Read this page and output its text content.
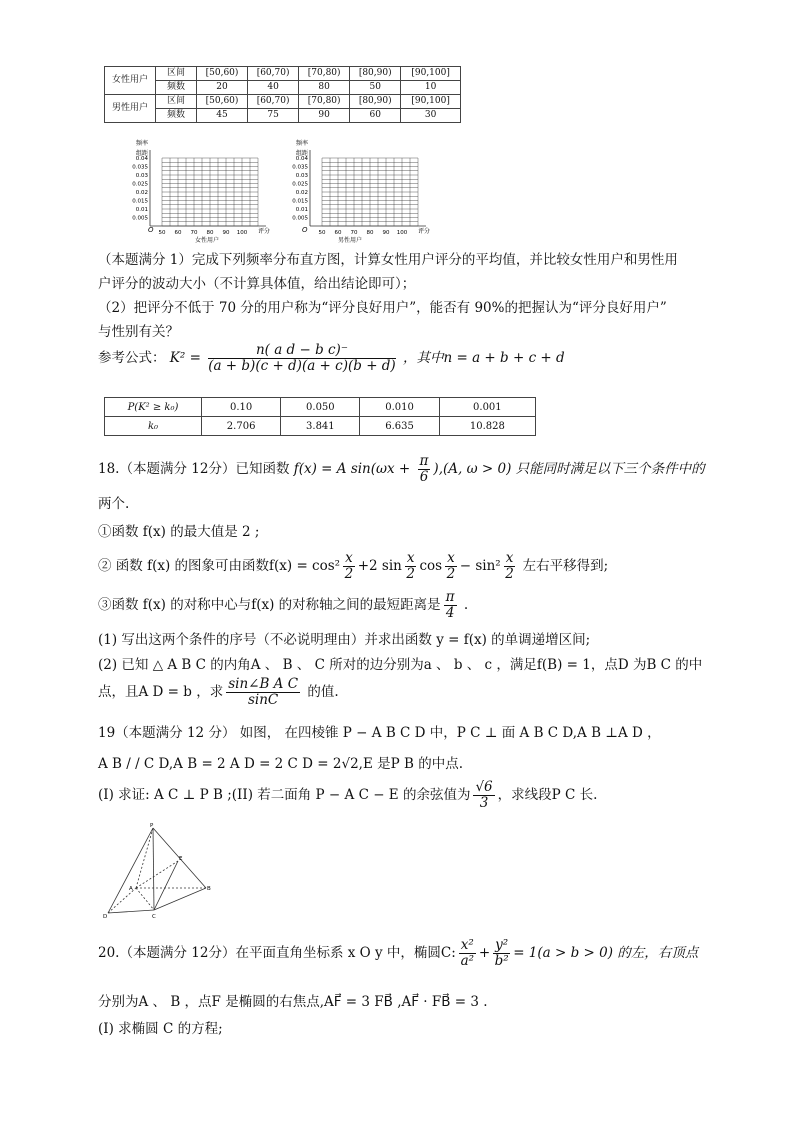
女性用户	区间	[50,60)	[60,70)	[70,80)	[80,90)	[90,100]
	频数	20	40	80	50	10
男性用户	区间	[50,60)	[60,70)	[70,80)	[80,90)	[90,100]
	频数	45	75	90	60	30
频率
组距
评分
女性用户
O
0.04
0.035
0.03
0.025
0.02
0.015
0.01
0.005
50 60 70 80 90 100
频率
组距
评分
男性用户
O
0.04
0.035
0.03
0.025
0.02
0.015
0.01
0.005
50 60 70 80 90 100
（本题满分 1）完成下列频率分布直方图，计算女性用户评分的平均值，并比较女性用户和男性用
户评分的波动大小（不计算具体值，给出结论即可）；
（2）把评分不低于 70 分的用户称为“评分良好用户”，能否有 90%的把握认为“评分良好用户”
与性别有关？
参考公式： $K^2 = \frac{\text{n( a d − b c)⁻}}{(a + b)(c + d)(a + c)(b + d)}$ ，其中n = a + b + c + d
P(K² ≥ k₀)	0.10	0.050	0.010	0.001
k₀	2.706	3.841	6.635	10.828
18.（本题满分 12分）已知函数 f(x) = A $\sin(\omega x + \frac{\pi}{6} ),(A$, ω > 0) 只能同时满足以下三个条件中的
两个.
①函数 f(x) 的最大值是 2 ;
② 函数 f(x) 的图象可由函数$f(x) = \cos^2 \frac{x}{2} +2$ $\sin \frac{x}{2}$ $\cos \frac{x}{2} - \sin^2 \frac{x}{2}$ 左右平移得到;
③函数 f(x) 的对称中心与f(x) 的对称轴之间的最短距离是 $\frac{\pi}{4}$ .
(1) 写出这两个条件的序号（不必说明理由）并求出函数 y = f(x) 的单调递增区间;
(2) 已知 △ A B C 的内角A 、 B 、 C 所对的边分别为a 、 b 、 c ，满足f(B) = 1，点D 为B C 的中
点，且A D = b ，求 $\frac{\text{sin∠B A C}}{\sin C}$ 的值.
19（本题满分 12 分） 如图， 在四棱锥 P − A B C D 中，P C ⊥ 面 A B C D,A B ⊥A D ，
A B / / C D,A B = 2 A D = 2 C D = 2√2,E 是P B 的中点.
(I) 求证: A C ⊥ P B ;(II) 若二面角 P − A C − E 的余弦值为 $\frac{√6}{3}$ ，求线段P C 长.
P
E
A	B
C
D
20.（本题满分 12分）在平面直角坐标系 x O y 中，椭圆C: $\frac{\text{x²}}{\text{a²}} + \frac{\text{y²}}{\text{b²}} = 1(a > b > 0)$ 的左，右顶点
分别为A 、 B ，点F 是椭圆的右焦点,AF⃗ = 3 FB⃗ ,AF⃗ · FB⃗ = 3 .
(I) 求椭圆 C 的方程;
